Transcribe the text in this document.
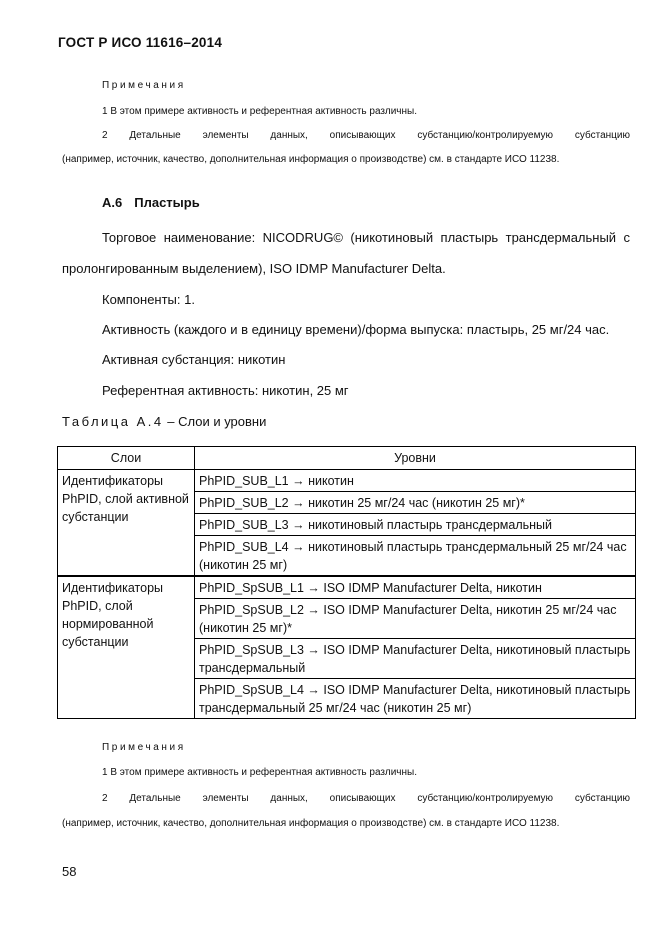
ГОСТ Р ИСО 11616–2014
Примечания
1 В этом примере активность и референтная активность различны.
2 Детальные элементы данных, описывающих субстанцию/контролируемую субстанцию
(например, источник, качество, дополнительная информация о производстве) см. в стандарте ИСО 11238.
А.6 Пластырь
Торговое наименование: NICODRUG© (никотиновый пластырь трансдермальный с
пролонгированным выделением), ISO IDMP Manufacturer Delta.
Компоненты: 1.
Активность (каждого и в единицу времени)/форма выпуска: пластырь, 25 мг/24 час.
Активная субстанция: никотин
Референтная активность: никотин, 25 мг
Таблица А.4 – Слои и уровни
Слои	Уровни
Идентификаторы PhPID, слой активной субстанции	PhPID_SUB_L1 → никотин
	PhPID_SUB_L2 → никотин 25 мг/24 час (никотин 25 мг)*
	PhPID_SUB_L3 → никотиновый пластырь трансдермальный
	PhPID_SUB_L4 → никотиновый пластырь трансдермальный 25 мг/24 час (никотин 25 мг)
Идентификаторы PhPID, слой нормированной субстанции	PhPID_SpSUB_L1 → ISO IDMP Manufacturer Delta, никотин
	PhPID_SpSUB_L2 → ISO IDMP Manufacturer Delta, никотин 25 мг/24 час (никотин 25 мг)*
	PhPID_SpSUB_L3 → ISO IDMP Manufacturer Delta, никотиновый пластырь трансдермальный
	PhPID_SpSUB_L4 → ISO IDMP Manufacturer Delta, никотиновый пластырь трансдермальный 25 мг/24 час (никотин 25 мг)
Примечания
1 В этом примере активность и референтная активность различны.
2 Детальные элементы данных, описывающих субстанцию/контролируемую субстанцию
(например, источник, качество, дополнительная информация о производстве) см. в стандарте ИСО 11238.
58
